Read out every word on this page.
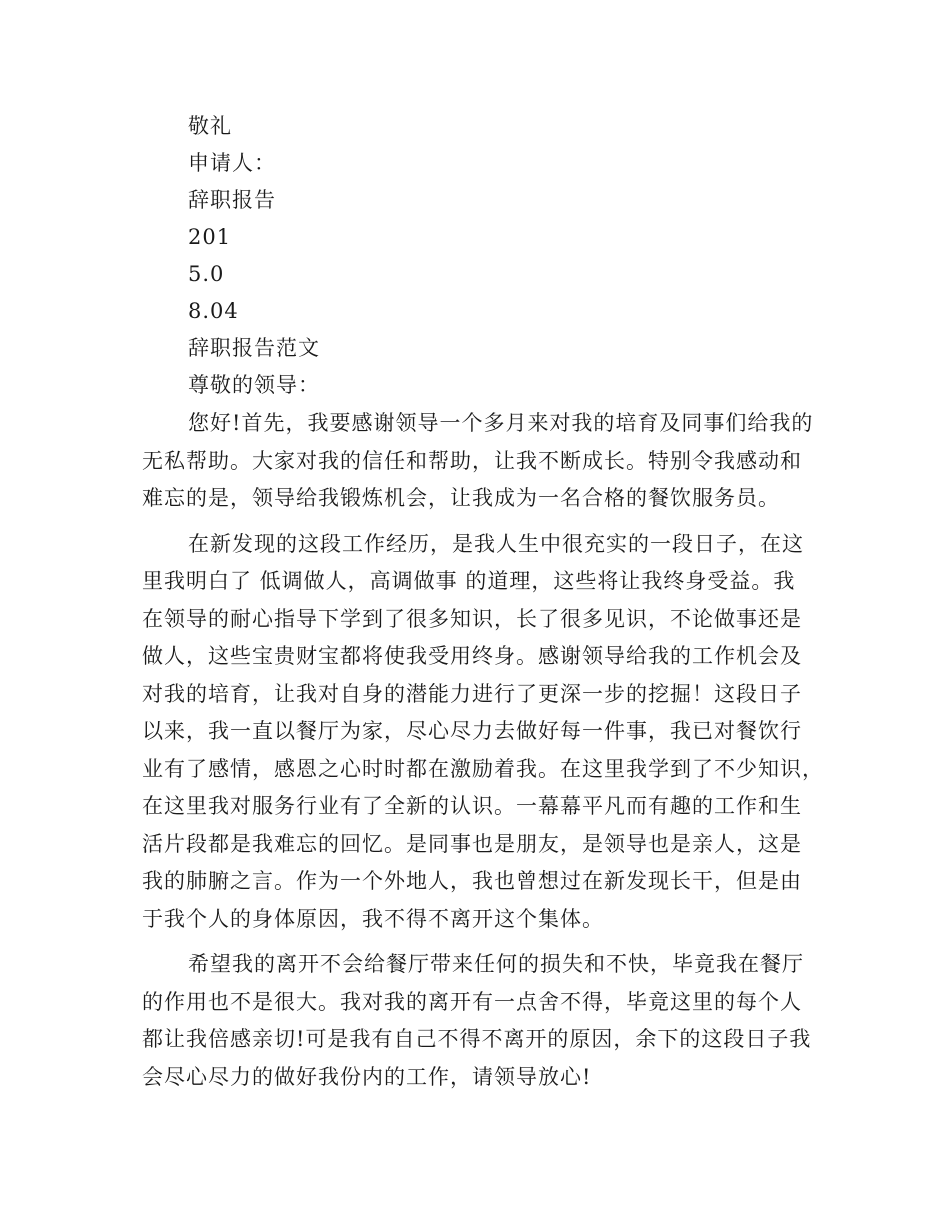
敬礼
申请人：
辞职报告
201
5.0
8.04
辞职报告范文
尊敬的领导：
您好!首先，我要感谢领导一个多月来对我的培育及同事们给我的
无私帮助。大家对我的信任和帮助，让我不断成长。特别令我感动和
难忘的是，领导给我锻炼机会，让我成为一名合格的餐饮服务员。
在新发现的这段工作经历，是我人生中很充实的一段日子，在这
里我明白了 低调做人，高调做事 的道理，这些将让我终身受益。我
在领导的耐心指导下学到了很多知识，长了很多见识，不论做事还是
做人，这些宝贵财宝都将使我受用终身。感谢领导给我的工作机会及
对我的培育，让我对自身的潜能力进行了更深一步的挖掘！这段日子
以来，我一直以餐厅为家，尽心尽力去做好每一件事，我已对餐饮行
业有了感情，感恩之心时时都在激励着我。在这里我学到了不少知识，
在这里我对服务行业有了全新的认识。一幕幕平凡而有趣的工作和生
活片段都是我难忘的回忆。是同事也是朋友，是领导也是亲人，这是
我的肺腑之言。作为一个外地人，我也曾想过在新发现长干，但是由
于我个人的身体原因，我不得不离开这个集体。
希望我的离开不会给餐厅带来任何的损失和不快，毕竟我在餐厅
的作用也不是很大。我对我的离开有一点舍不得，毕竟这里的每个人
都让我倍感亲切!可是我有自己不得不离开的原因，余下的这段日子我
会尽心尽力的做好我份内的工作，请领导放心!
